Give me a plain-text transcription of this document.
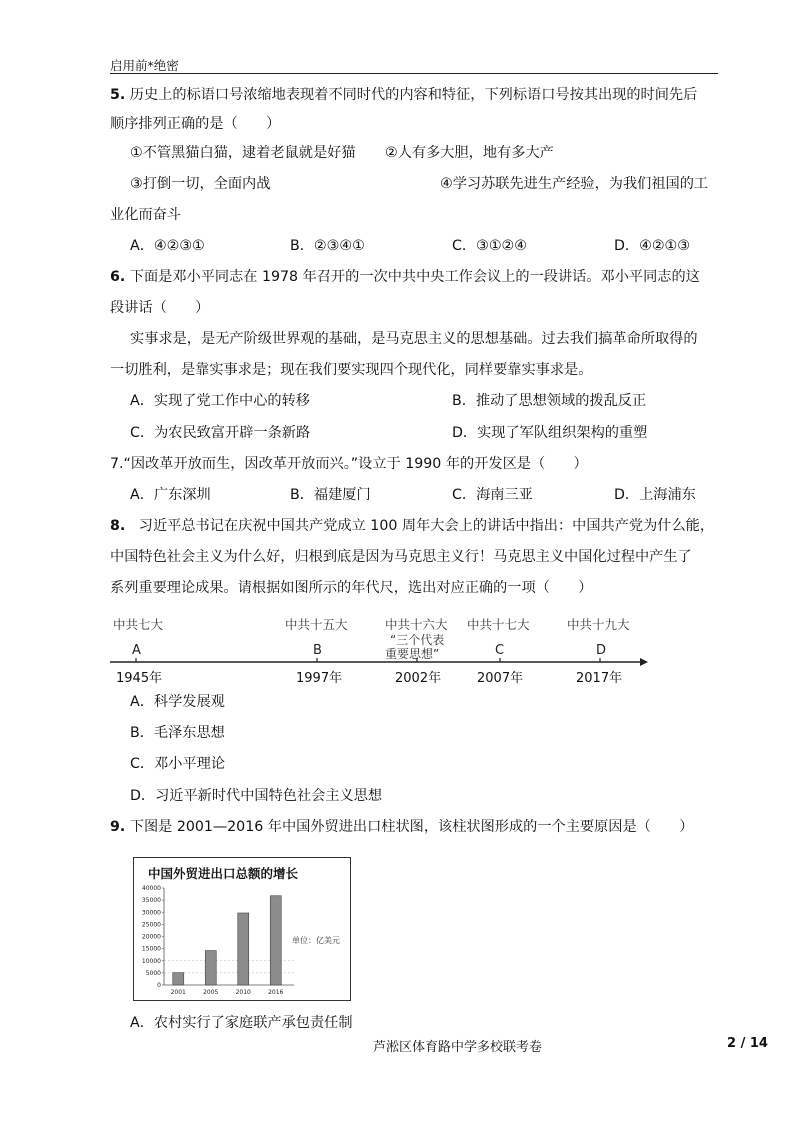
启用前*绝密
5. 历史上的标语口号浓缩地表现着不同时代的内容和特征，下列标语口号按其出现的时间先后
顺序排列正确的是（　　）
①不管黑猫白猫，逮着老鼠就是好猫 ②人有多大胆，地有多大产
③打倒一切，全面内战	④学习苏联先进生产经验，为我们祖国的工
业化而奋斗
A．④②③①	B．②③④①	C．③①②④	D．④②①③
6. 下面是邓小平同志在 1978 年召开的一次中共中央工作会议上的一段讲话。邓小平同志的这
段讲话（　　）
实事求是，是无产阶级世界观的基础，是马克思主义的思想基础。过去我们搞革命所取得的
一切胜利，是靠实事求是；现在我们要实现四个现代化，同样要靠实事求是。
A．实现了党工作中心的转移	B．推动了思想领域的拨乱反正
C．为农民致富开辟一条新路	D．实现了军队组织架构的重塑
7.“因改革开放而生，因改革开放而兴。”设立于 1990 年的开发区是（　　）
A．广东深圳	B．福建厦门	C．海南三亚	D．上海浦东
8. 习近平总书记在庆祝中国共产党成立 100 周年大会上的讲话中指出：中国共产党为什么能，
中国特色社会主义为什么好，归根到底是因为马克思主义行！马克思主义中国化过程中产生了
系列重要理论成果。请根据如图所示的年代尺，选出对应正确的一项（　　）
中共七大	中共十五大	中共十六大 中共十七大	中共十九大
“三个代表
重要思想”
A	B	C	D
1945年	1997年	2002年	2007年	2017年
A．科学发展观
B．毛泽东思想
C．邓小平理论
D．习近平新时代中国特色社会主义思想
9. 下图是 2001—2016 年中国外贸进出口柱状图，该柱状图形成的一个主要原因是（　　）
中国外贸进出口总额的增长
单位：亿美元
0
5000
10000
15000
20000
25000
30000
35000
40000
2001	2005	2010	2016
A．农村实行了家庭联产承包责任制
芦淞区体育路中学多校联考卷	2 / 14
